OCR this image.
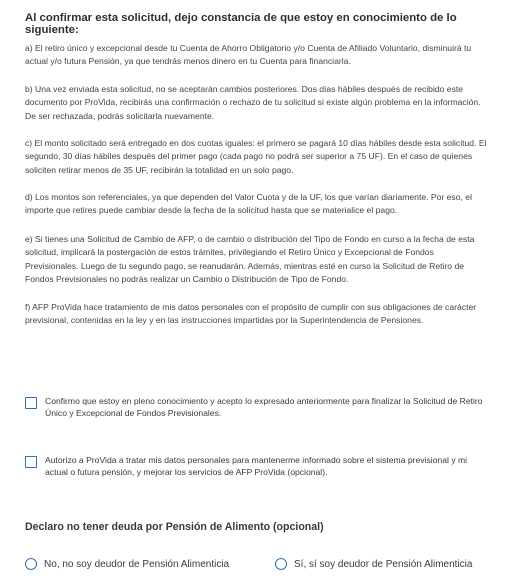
Al confirmar esta solicitud, dejo constancia de que estoy en conocimiento de lo siguiente:

a) El retiro único y excepcional desde tu Cuenta de Ahorro Obligatorio y/o Cuenta de Afiliado Voluntario, disminuirá tu actual y/o futura Pensión, ya que tendrás menos dinero en tu Cuenta para financiarla.

b) Una vez enviada esta solicitud, no se aceptarán cambios posteriores. Dos días hábiles después de recibido este documento por ProVida, recibirás una confirmación o rechazo de tu solicitud si existe algún problema en la información. De ser rechazada, podrás solicitarla nuevamente.

c) El monto solicitado será entregado en dos cuotas iguales: el primero se pagará 10 días hábiles desde esta solicitud. El segundo, 30 días hábiles después del primer pago (cada pago no podrá ser superior a 75 UF). En el caso de quienes soliciten retirar menos de 35 UF, recibirán la totalidad en un solo pago.

d) Los montos son referenciales, ya que dependen del Valor Cuota y de la UF, los que varían diariamente. Por eso, el importe que retires puede cambiar desde la fecha de la solicitud hasta que se materialice el pago.

e) Si tienes una Solicitud de Cambio de AFP, o de cambio o distribución del Tipo de Fondo en curso a la fecha de esta solicitud, implicará la postergación de estos trámites, privilegiando el Retiro Único y Excepcional de Fondos Previsionales. Luego de tu segundo pago, se reanudarán. Además, mientras esté en curso la Solicitud de Retiro de Fondos Previsionales no podrás realizar un Cambio o Distribución de Tipo de Fondo.

f) AFP ProVida hace tratamiento de mis datos personales con el propósito de cumplir con sus obligaciones de carácter previsional, contenidas en la ley y en las instrucciones impartidas por la Superintendencia de Pensiones.

Confirmo que estoy en pleno conocimiento y acepto lo expresado anteriormente para finalizar la Solicitud de Retiro Único y Excepcional de Fondos Previsionales.
Autorizo a ProVida a tratar mis datos personales para mantenerme informado sobre el sistema previsional y mi actual o futura pensión, y mejorar los servicios de AFP ProVida (opcional).
Declaro no tener deuda por Pensión de Alimento (opcional)
No, no soy deudor de Pensión Alimenticia	Sí, sí soy deudor de Pensión Alimenticia
